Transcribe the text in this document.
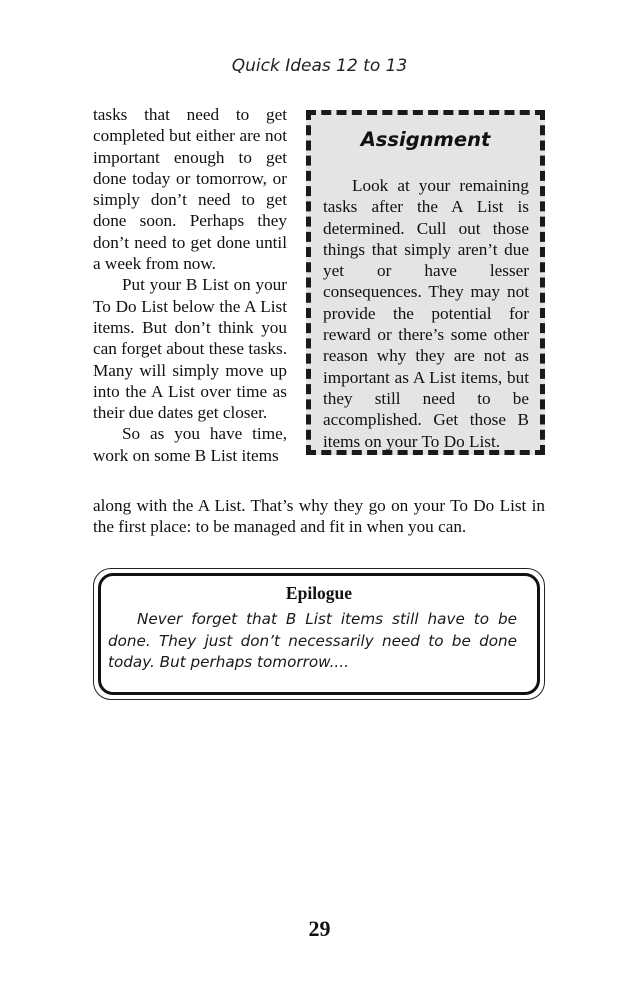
Quick Ideas 12 to 13

tasks that need to get completed but either are not important enough to get done today or tomorrow, or simply don’t need to get done soon. Perhaps they don’t need to get done until a week from now.

Put your B List on your To Do List below the A List items. But don’t think you can forget about these tasks. Many will simply move up into the A List over time as their due dates get closer.

So as you have time, work on some B List items

Assignment

Look at your remaining tasks after the A List is determined. Cull out those things that simply aren’t due yet or have lesser consequences. They may not provide the potential for reward or there’s some other reason why they are not as important as A List items, but they still need to be accomplished. Get those B items on your To Do List.

along with the A List. That’s why they go on your To Do List in the first place: to be managed and fit in when you can.

Epilogue

Never forget that B List items still have to be done. They just don’t necessarily need to be done today. But perhaps tomorrow....

29
